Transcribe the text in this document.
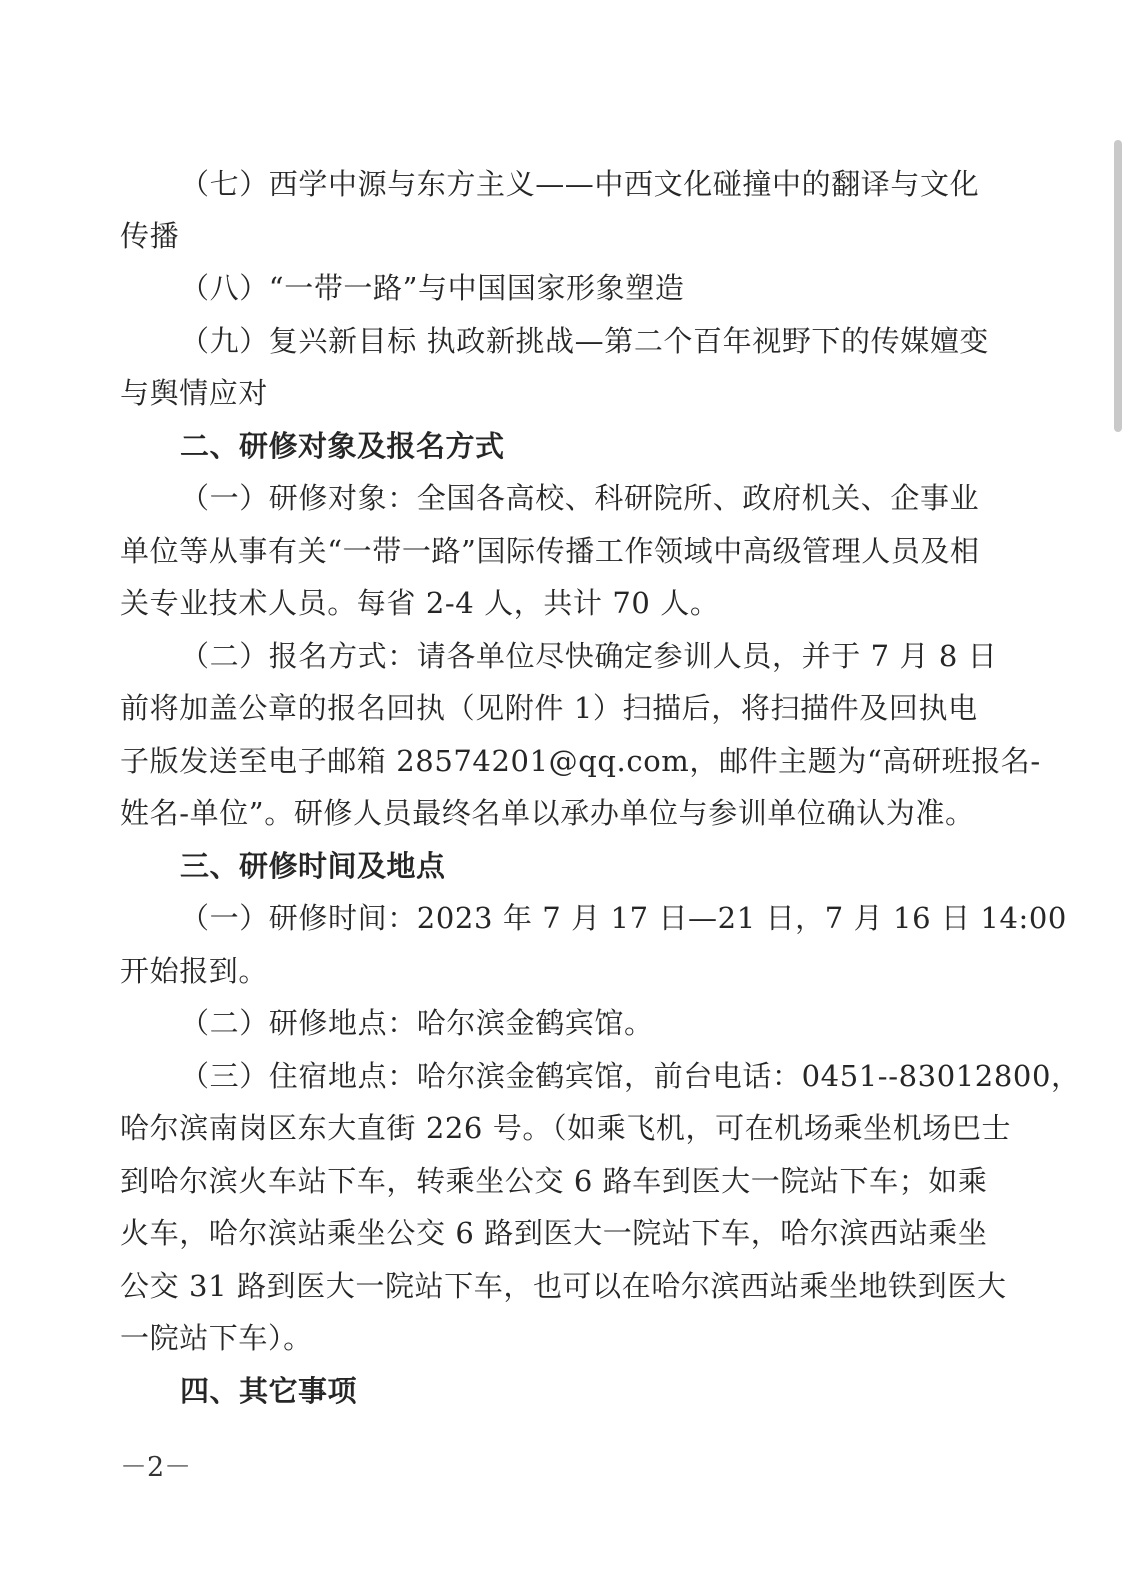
（七）西学中源与东方主义——中西文化碰撞中的翻译与文化
传播
（八）“一带一路”与中国国家形象塑造
（九）复兴新目标 执政新挑战—第二个百年视野下的传媒嬗变
与舆情应对
二、研修对象及报名方式
（一）研修对象：全国各高校、科研院所、政府机关、企事业
单位等从事有关“一带一路”国际传播工作领域中高级管理人员及相
关专业技术人员。每省 2-4 人，共计 70 人。
（二）报名方式：请各单位尽快确定参训人员，并于 7 月 8 日
前将加盖公章的报名回执（见附件 1）扫描后，将扫描件及回执电
子版发送至电子邮箱 28574201@qq.com，邮件主题为“高研班报名-
姓名-单位”。研修人员最终名单以承办单位与参训单位确认为准。
三、研修时间及地点
（一）研修时间：2023 年 7 月 17 日—21 日，7 月 16 日 14:00
开始报到。
（二）研修地点：哈尔滨金鹤宾馆。
（三）住宿地点：哈尔滨金鹤宾馆，前台电话：0451--83012800，
哈尔滨南岗区东大直街 226 号。（如乘飞机，可在机场乘坐机场巴士
到哈尔滨火车站下车，转乘坐公交 6 路车到医大一院站下车；如乘
火车，哈尔滨站乘坐公交 6 路到医大一院站下车，哈尔滨西站乘坐
公交 31 路到医大一院站下车，也可以在哈尔滨西站乘坐地铁到医大
一院站下车）。
四、其它事项
－2－
